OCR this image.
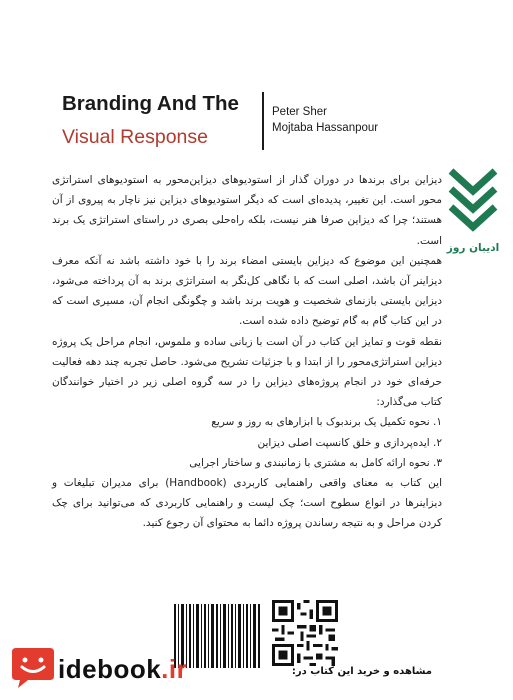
Branding And The
Visual Response
Peter Sher
Mojtaba Hassanpour
ادیبان روز

دیزاین برای برندها در دوران گذار از استودیوهای دیزاین‌محور به استودیوهای استراتژی محور است. این تغییر، پدیده‌ای است که دیگر استودیوهای دیزاین نیز ناچار به پیروی از آن هستند؛ چرا که دیزاین صرفا هنر نیست، بلکه راه‌حلی بصری در راستای استراتژی یک برند است.

همچنین این موضوع که دیزاین بایستی امضاء برند را با خود داشته باشد نه آنکه معرف دیزاینر آن باشد، اصلی است که با نگاهی کل‌نگر به استراتژی برند به آن پرداخته می‌شود، دیزاین بایستی بازنمای شخصیت و هویت برند باشد و چگونگی انجام آن، مسیری است که در این کتاب گام به گام توضیح داده شده است.

نقطه قوت و تمایز این کتاب در آن است با زبانی ساده و ملموس، انجام مراحل یک پروژه دیزاین استراتژی‌محور را از ابتدا و با جزئیات تشریح می‌شود. حاصل تجربه چند دهه فعالیت حرفه‌ای خود در انجام پروژه‌های دیزاین را در سه گروه اصلی زیر در اختیار خوانندگان کتاب می‌گذارد:

۱. نحوه تکمیل یک برندبوک با ابزارهای به روز و سریع
۲. ایده‌پردازی و خلق کانسپت اصلی دیزاین
۳. نحوه ارائه کامل به مشتری با زمانبندی و ساختار اجرایی

این کتاب به معنای واقعی راهنمایی کاربردی (Handbook) برای مدیران تبلیغات و دیزاینرها در انواع سطوح است؛ چک لیست و راهنمایی کاربردی که می‌توانید برای چک کردن مراحل و به نتیجه رساندن پروژه دائما به محتوای آن رجوع کنید.

مشاهده و خرید این کتاب در:
idebook.ir
